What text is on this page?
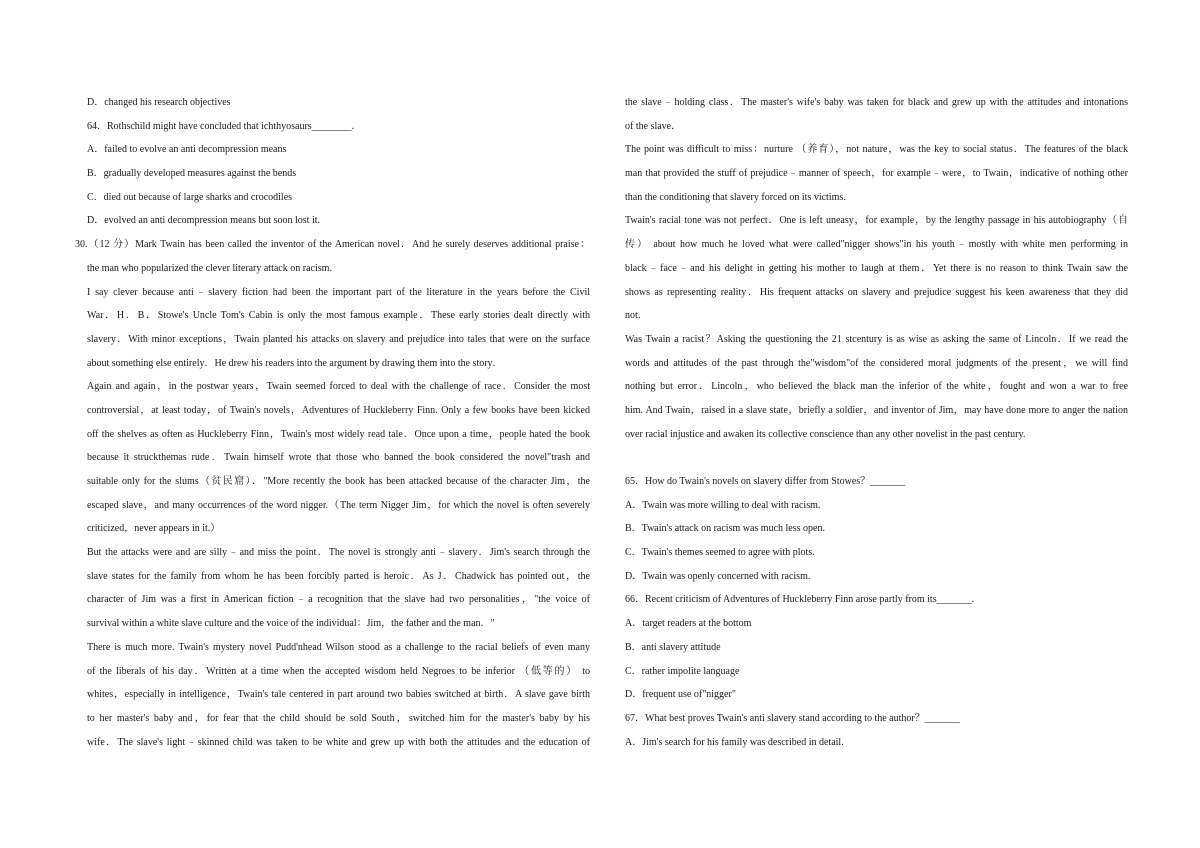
D．changed his research objectives
64．Rothschild might have concluded that ichthyosaurs________.
A．failed to evolve an anti decompression means
B．gradually developed measures against the bends
C．died out because of large sharks and crocodiles
D．evolved an anti decompression means but soon lost it.
30.（12 分）Mark Twain has been called the inventor of the American novel．And he surely deserves additional praise：
the man who popularized the clever literary attack on racism．
I say clever because anti﹣slavery fiction had been the important part of the literature in the years before the Civil
War．H．B．Stowe's Uncle Tom's Cabin is only the most famous example．These early stories dealt directly with
slavery．With minor exceptions，Twain planted his attacks on slavery and prejudice into tales that were on the surface
about something else entirely．He drew his readers into the argument by drawing them into the story．
Again and again，in the postwar years，Twain seemed forced to deal with the challenge of race．Consider the most
controversial，at least today，of Twain's novels，Adventures of Huckleberry Finn. Only a few books have been kicked
off the shelves as often as Huckleberry Finn，Twain's most widely read tale．Once upon a time，people hated the book
because it struckthemas rude．Twain himself wrote that those who banned the book considered the novel"trash and
suitable only for the slums（贫民窟）．"More recently the book has been attacked because of the character Jim，the
escaped slave，and many occurrences of the word nigger.（The term Nigger Jim，for which the novel is often severely
criticized，never appears in it.）
But the attacks were and are silly﹣and miss the point．The novel is strongly anti﹣slavery．Jim's search through the
slave states for the family from whom he has been forcibly parted is heroic．As J．Chadwick has pointed out，the
character of Jim was a first in American fiction﹣a recognition that the slave had two personalities，"the voice of
survival within a white slave culture and the voice of the individual：Jim，the father and the man．"
There is much more. Twain's mystery novel Pudd'nhead Wilson stood as a challenge to the racial beliefs of even many
of the liberals of his day．Written at a time when the accepted wisdom held Negroes to be inferior （低等的） to
whites，especially in intelligence，Twain's tale centered in part around two babies switched at birth．A slave gave birth
to her master's baby and，for fear that the child should be sold South，switched him for the master's baby by his
wife．The slave's light﹣skinned child was taken to be white and grew up with both the attitudes and the education of
the slave﹣holding class．The master's wife's baby was taken for black and grew up with the attitudes and intonations
of the slave．
The point was difficult to miss：nurture （养育），not nature，was the key to social status．The features of the black
man that provided the stuff of prejudice﹣manner of speech，for example﹣were，to Twain，indicative of nothing other
than the conditioning that slavery forced on its victims．
Twain's racial tone was not perfect．One is left uneasy，for example，by the lengthy passage in his autobiography（自
传） about how much he loved what were called"nigger shows"in his youth﹣mostly with white men performing in
black﹣face﹣and his delight in getting his mother to laugh at them．Yet there is no reason to think Twain saw the
shows as representing reality．His frequent attacks on slavery and prejudice suggest his keen awareness that they did
not．
Was Twain a racist？Asking the questioning the 21 stcentury is as wise as asking the same of Lincoln．If we read the
words and attitudes of the past through the"wisdom"of the considered moral judgments of the present，we will find
nothing but error．Lincoln，who believed the black man the inferior of the white，fought and won a war to free
him. And Twain，raised in a slave state，briefly a soldier，and inventor of Jim，may have done more to anger the nation
over racial injustice and awaken its collective conscience than any other novelist in the past century.
65．How do Twain's novels on slavery differ from Stowes？_______
A．Twain was more willing to deal with racism.
B．Twain's attack on racism was much less open.
C．Twain's themes seemed to agree with plots.
D．Twain was openly concerned with racism.
66．Recent criticism of Adventures of Huckleberry Finn arose partly from its_______.
A．target readers at the bottom
B．anti slavery attitude
C．rather impolite language
D．frequent use of"nigger"
67．What best proves Twain's anti slavery stand according to the author？_______
A．Jim's search for his family was described in detail.
